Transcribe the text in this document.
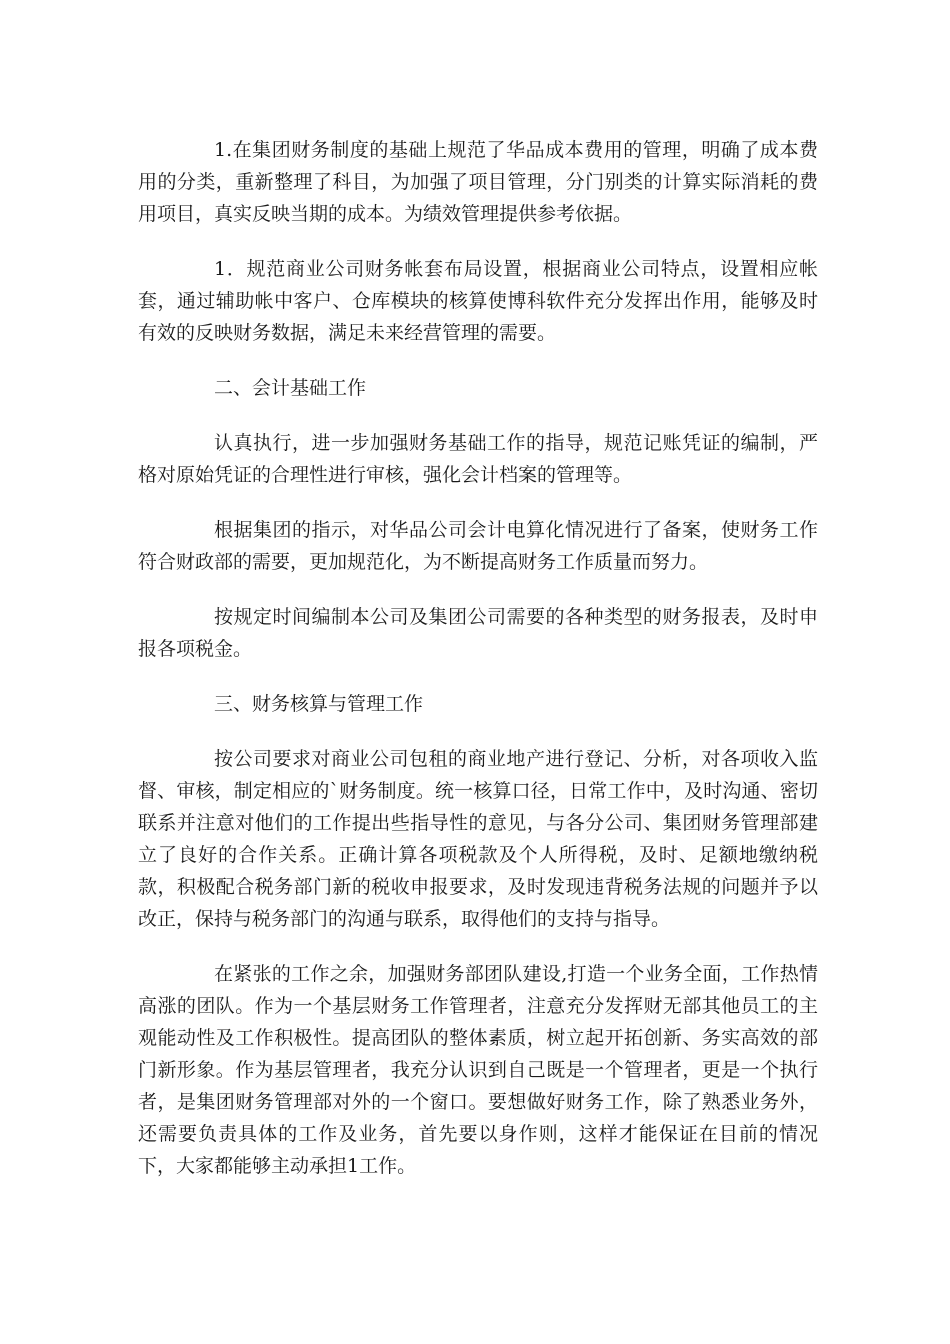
1.在集团财务制度的基础上规范了华品成本费用的管理，明确了成本费用的分类，重新整理了科目，为加强了项目管理，分门别类的计算实际消耗的费用项目，真实反映当期的成本。为绩效管理提供参考依据。

1．规范商业公司财务帐套布局设置，根据商业公司特点，设置相应帐套，通过辅助帐中客户、仓库模块的核算使博科软件充分发挥出作用，能够及时有效的反映财务数据，满足未来经营管理的需要。

二、会计基础工作

认真执行，进一步加强财务基础工作的指导，规范记账凭证的编制，严格对原始凭证的合理性进行审核，强化会计档案的管理等。

根据集团的指示，对华品公司会计电算化情况进行了备案，使财务工作符合财政部的需要，更加规范化，为不断提高财务工作质量而努力。

按规定时间编制本公司及集团公司需要的各种类型的财务报表，及时申报各项税金。

三、财务核算与管理工作

按公司要求对商业公司包租的商业地产进行登记、分析，对各项收入监督、审核，制定相应的`财务制度。统一核算口径，日常工作中，及时沟通、密切联系并注意对他们的工作提出些指导性的意见，与各分公司、集团财务管理部建立了良好的合作关系。正确计算各项税款及个人所得税，及时、足额地缴纳税款，积极配合税务部门新的税收申报要求，及时发现违背税务法规的问题并予以改正，保持与税务部门的沟通与联系，取得他们的支持与指导。

在紧张的工作之余，加强财务部团队建设,打造一个业务全面，工作热情高涨的团队。作为一个基层财务工作管理者，注意充分发挥财无部其他员工的主观能动性及工作积极性。提高团队的整体素质，树立起开拓创新、务实高效的部门新形象。作为基层管理者，我充分认识到自己既是一个管理者，更是一个执行者，是集团财务管理部对外的一个窗口。要想做好财务工作，除了熟悉业务外，还需要负责具体的工作及业务，首先要以身作则，这样才能保证在目前的情况下，大家都能够主动承担1工作。
